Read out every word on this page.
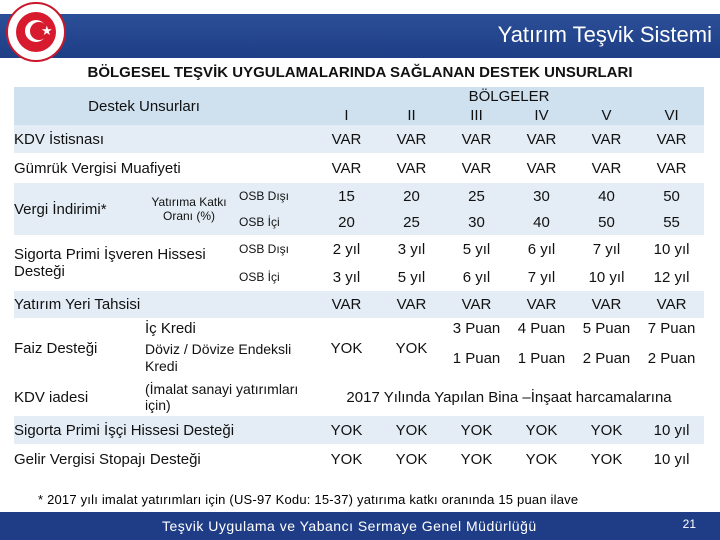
Yatırım Teşvik Sistemi
★
BÖLGESEL TEŞVİK UYGULAMALARINDA SAĞLANAN DESTEK UNSURLARI
Destek Unsurları			BÖLGELER					
			I	II	III	IV	V	VI
KDV İstisnası			VAR	VAR	VAR	VAR	VAR	VAR
Gümrük Vergisi Muafiyeti			VAR	VAR	VAR	VAR	VAR	VAR
Vergi İndirimi*	Yatırıma Katkı Oranı (%)	OSB Dışı	15	20	25	30	40	50
		OSB İçi	20	25	30	40	50	55
Sigorta Primi İşveren Hissesi Desteği		OSB Dışı	2 yıl	3 yıl	5 yıl	6 yıl	7 yıl	10 yıl
		OSB İçi	3 yıl	5 yıl	6 yıl	7 yıl	10 yıl	12 yıl
Yatırım Yeri Tahsisi			VAR	VAR	VAR	VAR	VAR	VAR
Faiz Desteği	İç Kredi		YOK	YOK	3 Puan	4 Puan	5 Puan	7 Puan
	Döviz / Dövize Endeksli Kredi				1 Puan	1 Puan	2 Puan	2 Puan
KDV iadesi	(İmalat sanayi yatırımları için)		2017 Yılında Yapılan Bina –İnşaat harcamalarına					
Sigorta Primi İşçi Hissesi Desteği			YOK	YOK	YOK	YOK	YOK	10 yıl
Gelir Vergisi Stopajı Desteği			YOK	YOK	YOK	YOK	YOK	10 yıl
* 2017 yılı imalat yatırımları için (US-97 Kodu: 15-37) yatırıma katkı oranında 15 puan ilave
Teşvik Uygulama ve Yabancı Sermaye Genel Müdürlüğü	21
